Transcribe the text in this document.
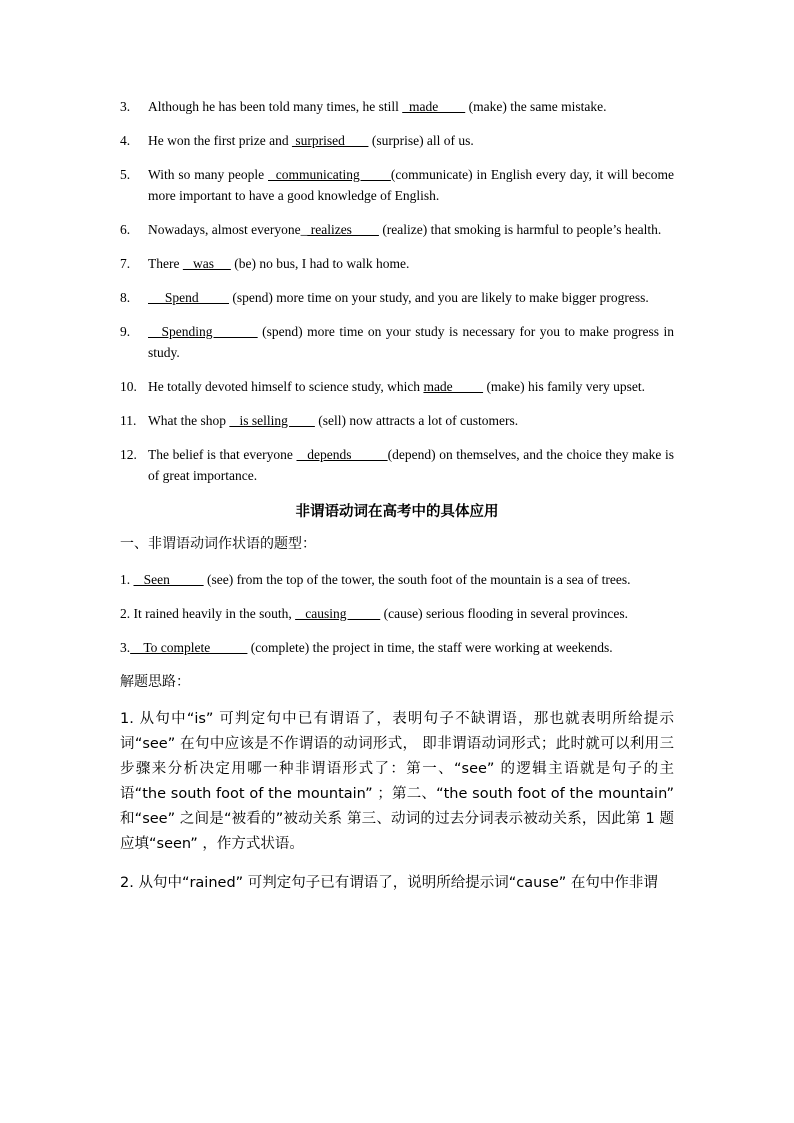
3. Although he has been told many times, he still   made         (make) the same mistake.
4. He won the first prize and  surprised        (surprise) all of us.
5. With so many people   communicating        (communicate) in English every day, it will become more important to have a good knowledge of English.
6. Nowadays, almost everyone_ realizes         (realize) that smoking is harmful to people’s health.
7. There    was      (be) no bus, I had to walk home.
8. Spend          (spend) more time on your study, and you are likely to make bigger progress.
9. Spending           (spend) more time on your study is necessary for you to make progress in study.
10. He totally devoted himself to science study, which made          (make) his family very upset.
11. What the shop    is selling         (sell) now attracts a lot of customers.
12. The belief is that everyone    depends          (depend) on themselves, and the choice they make is of great importance.
非谓语动词在高考中的具体应用
一、非谓语动词作状语的题型：
1.    Seen           (see) from the top of the tower, the south foot of the mountain is a sea of trees.
2. It rained heavily in the south,    causing           (cause) serious flooding in several provinces.
3.    To complete            (complete) the project in time, the staff were working at weekends.
解题思路：
1. 从句中“is” 可判定句中已有谓语了，表明句子不缺谓语，那也就表明所给提示词“see” 在句中应该是不作谓语的动词形式， 即非谓语动词形式；此时就可以利用三步骤来分析决定用哪一种非谓语形式了：第一、“see” 的逻辑主语就是句子的主语“the south foot of the mountain” ；第二、“the south foot of the mountain” 和“see” 之间是“被看的”被动关系 第三、动词的过去分词表示被动关系，因此第 1 题应填“seen” ，作方式状语。
2. 从句中“rained” 可判定句子已有谓语了，说明所给提示词“cause” 在句中作非谓
